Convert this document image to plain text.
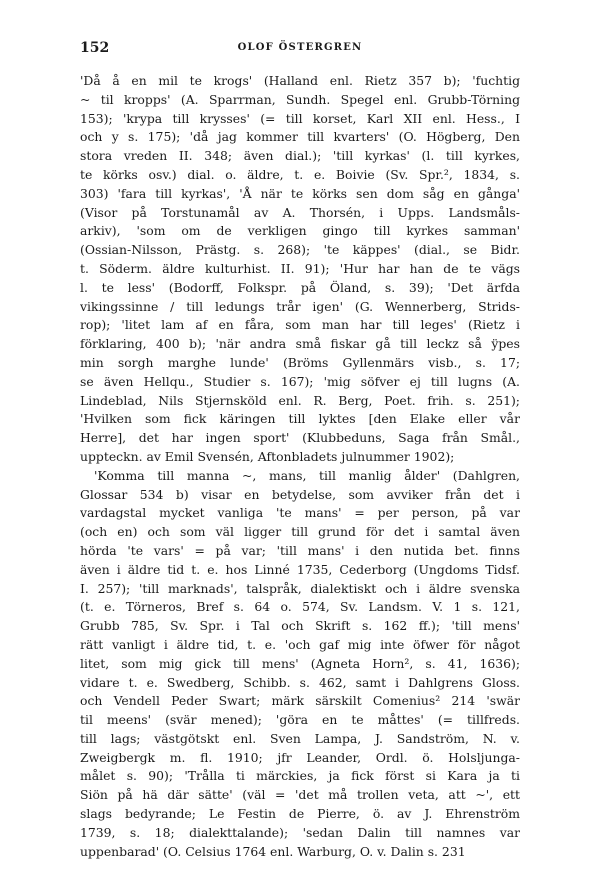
152	OLOF ÖSTERGREN
'Då å en mil te krogs' (Halland enl. Rietz 357 b); 'fuchtig
~ til kropps' (A. Sparrman, Sundh. Spegel enl. Grubb-Törning
153); 'krypa till krysses' (= till korset, Karl XII enl. Hess., I
och y s. 175); 'då jag kommer till kvarters' (O. Högberg, Den
stora vreden II. 348; även dial.); 'till kyrkas' (l. till kyrkes,
te körks osv.) dial. o. äldre, t. e. Boivie (Sv. Spr.², 1834, s.
303) 'fara till kyrkas', 'Å när te körks sen dom såg en gånga'
(Visor på Torstunamål av A. Thorsén, i Upps. Landsmåls-
arkiv), 'som om de verkligen gingo till kyrkes samman'
(Ossian-Nilsson, Prästg. s. 268); 'te käppes' (dial., se Bidr.
t. Söderm. äldre kulturhist. II. 91); 'Hur har han de te vägs
l. te less' (Bodorff, Folkspr. på Öland, s. 39); 'Det ärfda
vikingssinne / till ledungs trår igen' (G. Wennerberg, Strids-
rop); 'litet lam af en fåra, som man har till leges' (Rietz i
förklaring, 400 b); 'när andra små fiskar gå till leckz så ÿpes
min sorgh marghe lunde' (Bröms Gyllenmärs visb., s. 17;
se även Hellqu., Studier s. 167); 'mig söfver ej till lugns (A.
Lindeblad, Nils Stjernsköld enl. R. Berg, Poet. frih. s. 251);
'Hvilken som fick käringen till lyktes [den Elake eller vår
Herre], det har ingen sport' (Klubbeduns, Saga från Smål.,
uppteckn. av Emil Svensén, Aftonbladets julnummer 1902);
'Komma till manna ~, mans, till manlig ålder' (Dahlgren,
Glossar 534 b) visar en betydelse, som avviker från det i
vardagstal mycket vanliga 'te mans' = per person, på var
(och en) och som väl ligger till grund för det i samtal även
hörda 'te vars' = på var; 'till mans' i den nutida bet. finns
även i äldre tid t. e. hos Linné 1735, Cederborg (Ungdoms Tidsf.
I. 257); 'till marknads', talspråk, dialektiskt och i äldre svenska
(t. e. Törneros, Bref s. 64 o. 574, Sv. Landsm. V. 1 s. 121,
Grubb 785, Sv. Spr. i Tal och Skrift s. 162 ff.); 'till mens'
rätt vanligt i äldre tid, t. e. 'och gaf mig inte öfwer för något
litet, som mig gick till mens' (Agneta Horn², s. 41, 1636);
vidare t. e. Swedberg, Schibb. s. 462, samt i Dahlgrens Gloss.
och Vendell Peder Swart; märk särskilt Comenius² 214 'swär
til meens' (svär mened); 'göra en te måttes' (= tillfreds.
till lags; västgötskt enl. Sven Lampa, J. Sandström, N. v.
Zweigbergk m. fl. 1910; jfr Leander, Ordl. ö. Holsljunga-
målet s. 90); 'Trålla ti märckies, ja fick först si Kara ja ti
Siön på hä där sätte' (väl = 'det må trollen veta, att ~', ett
slags bedyrande; Le Festin de Pierre, ö. av J. Ehrenström
1739, s. 18; dialekttalande); 'sedan Dalin till namnes var
uppenbarad' (O. Celsius 1764 enl. Warburg, O. v. Dalin s. 231
